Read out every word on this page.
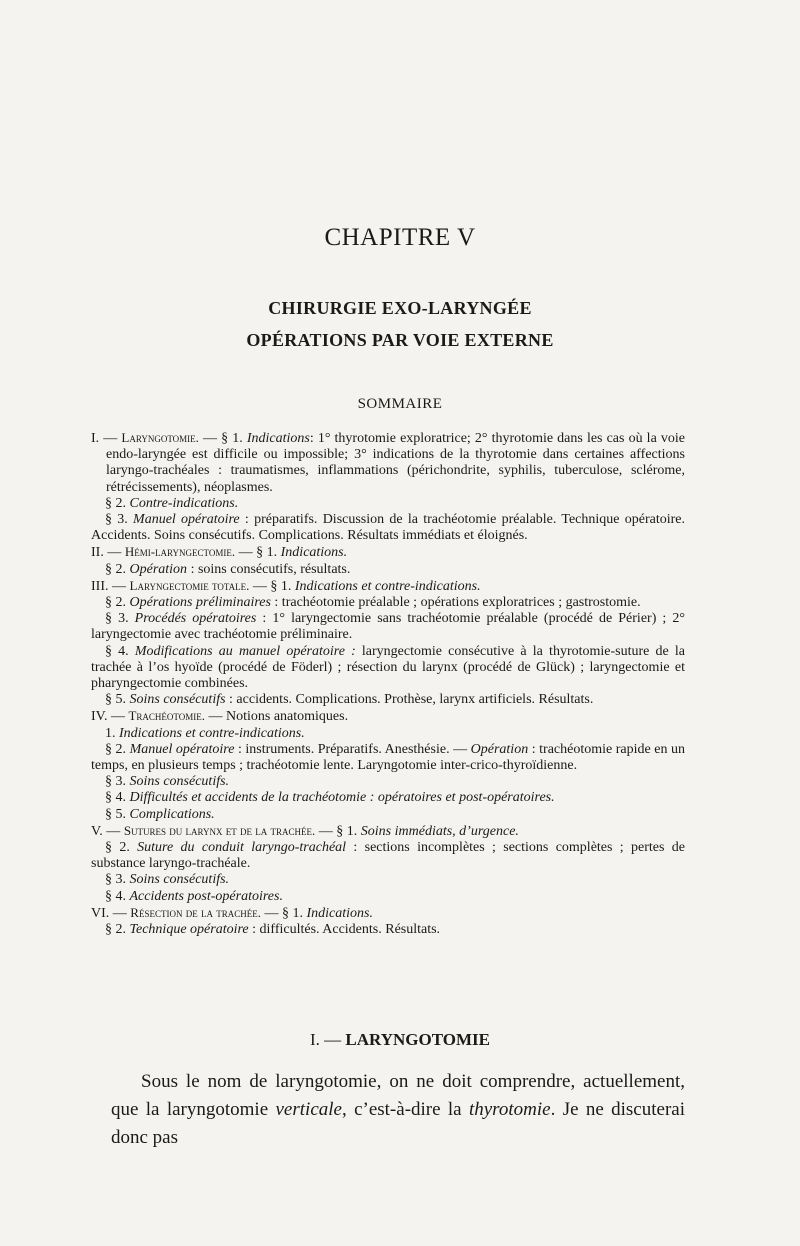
CHAPITRE V
CHIRURGIE EXO-LARYNGÉE
OPÉRATIONS PAR VOIE EXTERNE
SOMMAIRE

I. — Laryngotomie. — § 1. Indications: 1° thyrotomie exploratrice; 2° thyrotomie dans les cas où la voie endo-laryngée est difficile ou impossible; 3° indications de la thyrotomie dans certaines affections laryngo-trachéales : traumatismes, inflammations (périchondrite, syphilis, tuberculose, sclérome, rétrécissements), néoplasmes.

§ 2. Contre-indications.

§ 3. Manuel opératoire : préparatifs. Discussion de la trachéotomie préalable. Technique opératoire. Accidents. Soins consécutifs. Complications. Résultats immédiats et éloignés.

II. — Hémi-laryngectomie. — § 1. Indications.

§ 2. Opération : soins consécutifs, résultats.

III. — Laryngectomie totale. — § 1. Indications et contre-indications.

§ 2. Opérations préliminaires : trachéotomie préalable ; opérations exploratrices ; gastrostomie.

§ 3. Procédés opératoires : 1° laryngectomie sans trachéotomie préalable (procédé de Périer) ; 2° laryngectomie avec trachéotomie préliminaire.

§ 4. Modifications au manuel opératoire : laryngectomie consécutive à la thyrotomie-suture de la trachée à l’os hyoïde (procédé de Föderl) ; résection du larynx (procédé de Glück) ; laryngectomie et pharyngectomie combinées.

§ 5. Soins consécutifs : accidents. Complications. Prothèse, larynx artificiels. Résultats.

IV. — Trachéotomie. — Notions anatomiques.

1. Indications et contre-indications.

§ 2. Manuel opératoire : instruments. Préparatifs. Anesthésie. — Opération : trachéotomie rapide en un temps, en plusieurs temps ; trachéotomie lente. Laryngotomie inter-crico-thyroïdienne.

§ 3. Soins consécutifs.

§ 4. Difficultés et accidents de la trachéotomie : opératoires et post-opératoires.

§ 5. Complications.

V. — Sutures du larynx et de la trachée. — § 1. Soins immédiats, d’urgence.

§ 2. Suture du conduit laryngo-trachéal : sections incomplètes ; sections complètes ; pertes de substance laryngo-trachéale.

§ 3. Soins consécutifs.

§ 4. Accidents post-opératoires.

VI. — Résection de la trachée. — § 1. Indications.

§ 2. Technique opératoire : difficultés. Accidents. Résultats.

I. — LARYNGOTOMIE

Sous le nom de laryngotomie, on ne doit comprendre, actuellement, que la laryngotomie verticale, c’est-à-dire la thyrotomie. Je ne discuterai donc pas
